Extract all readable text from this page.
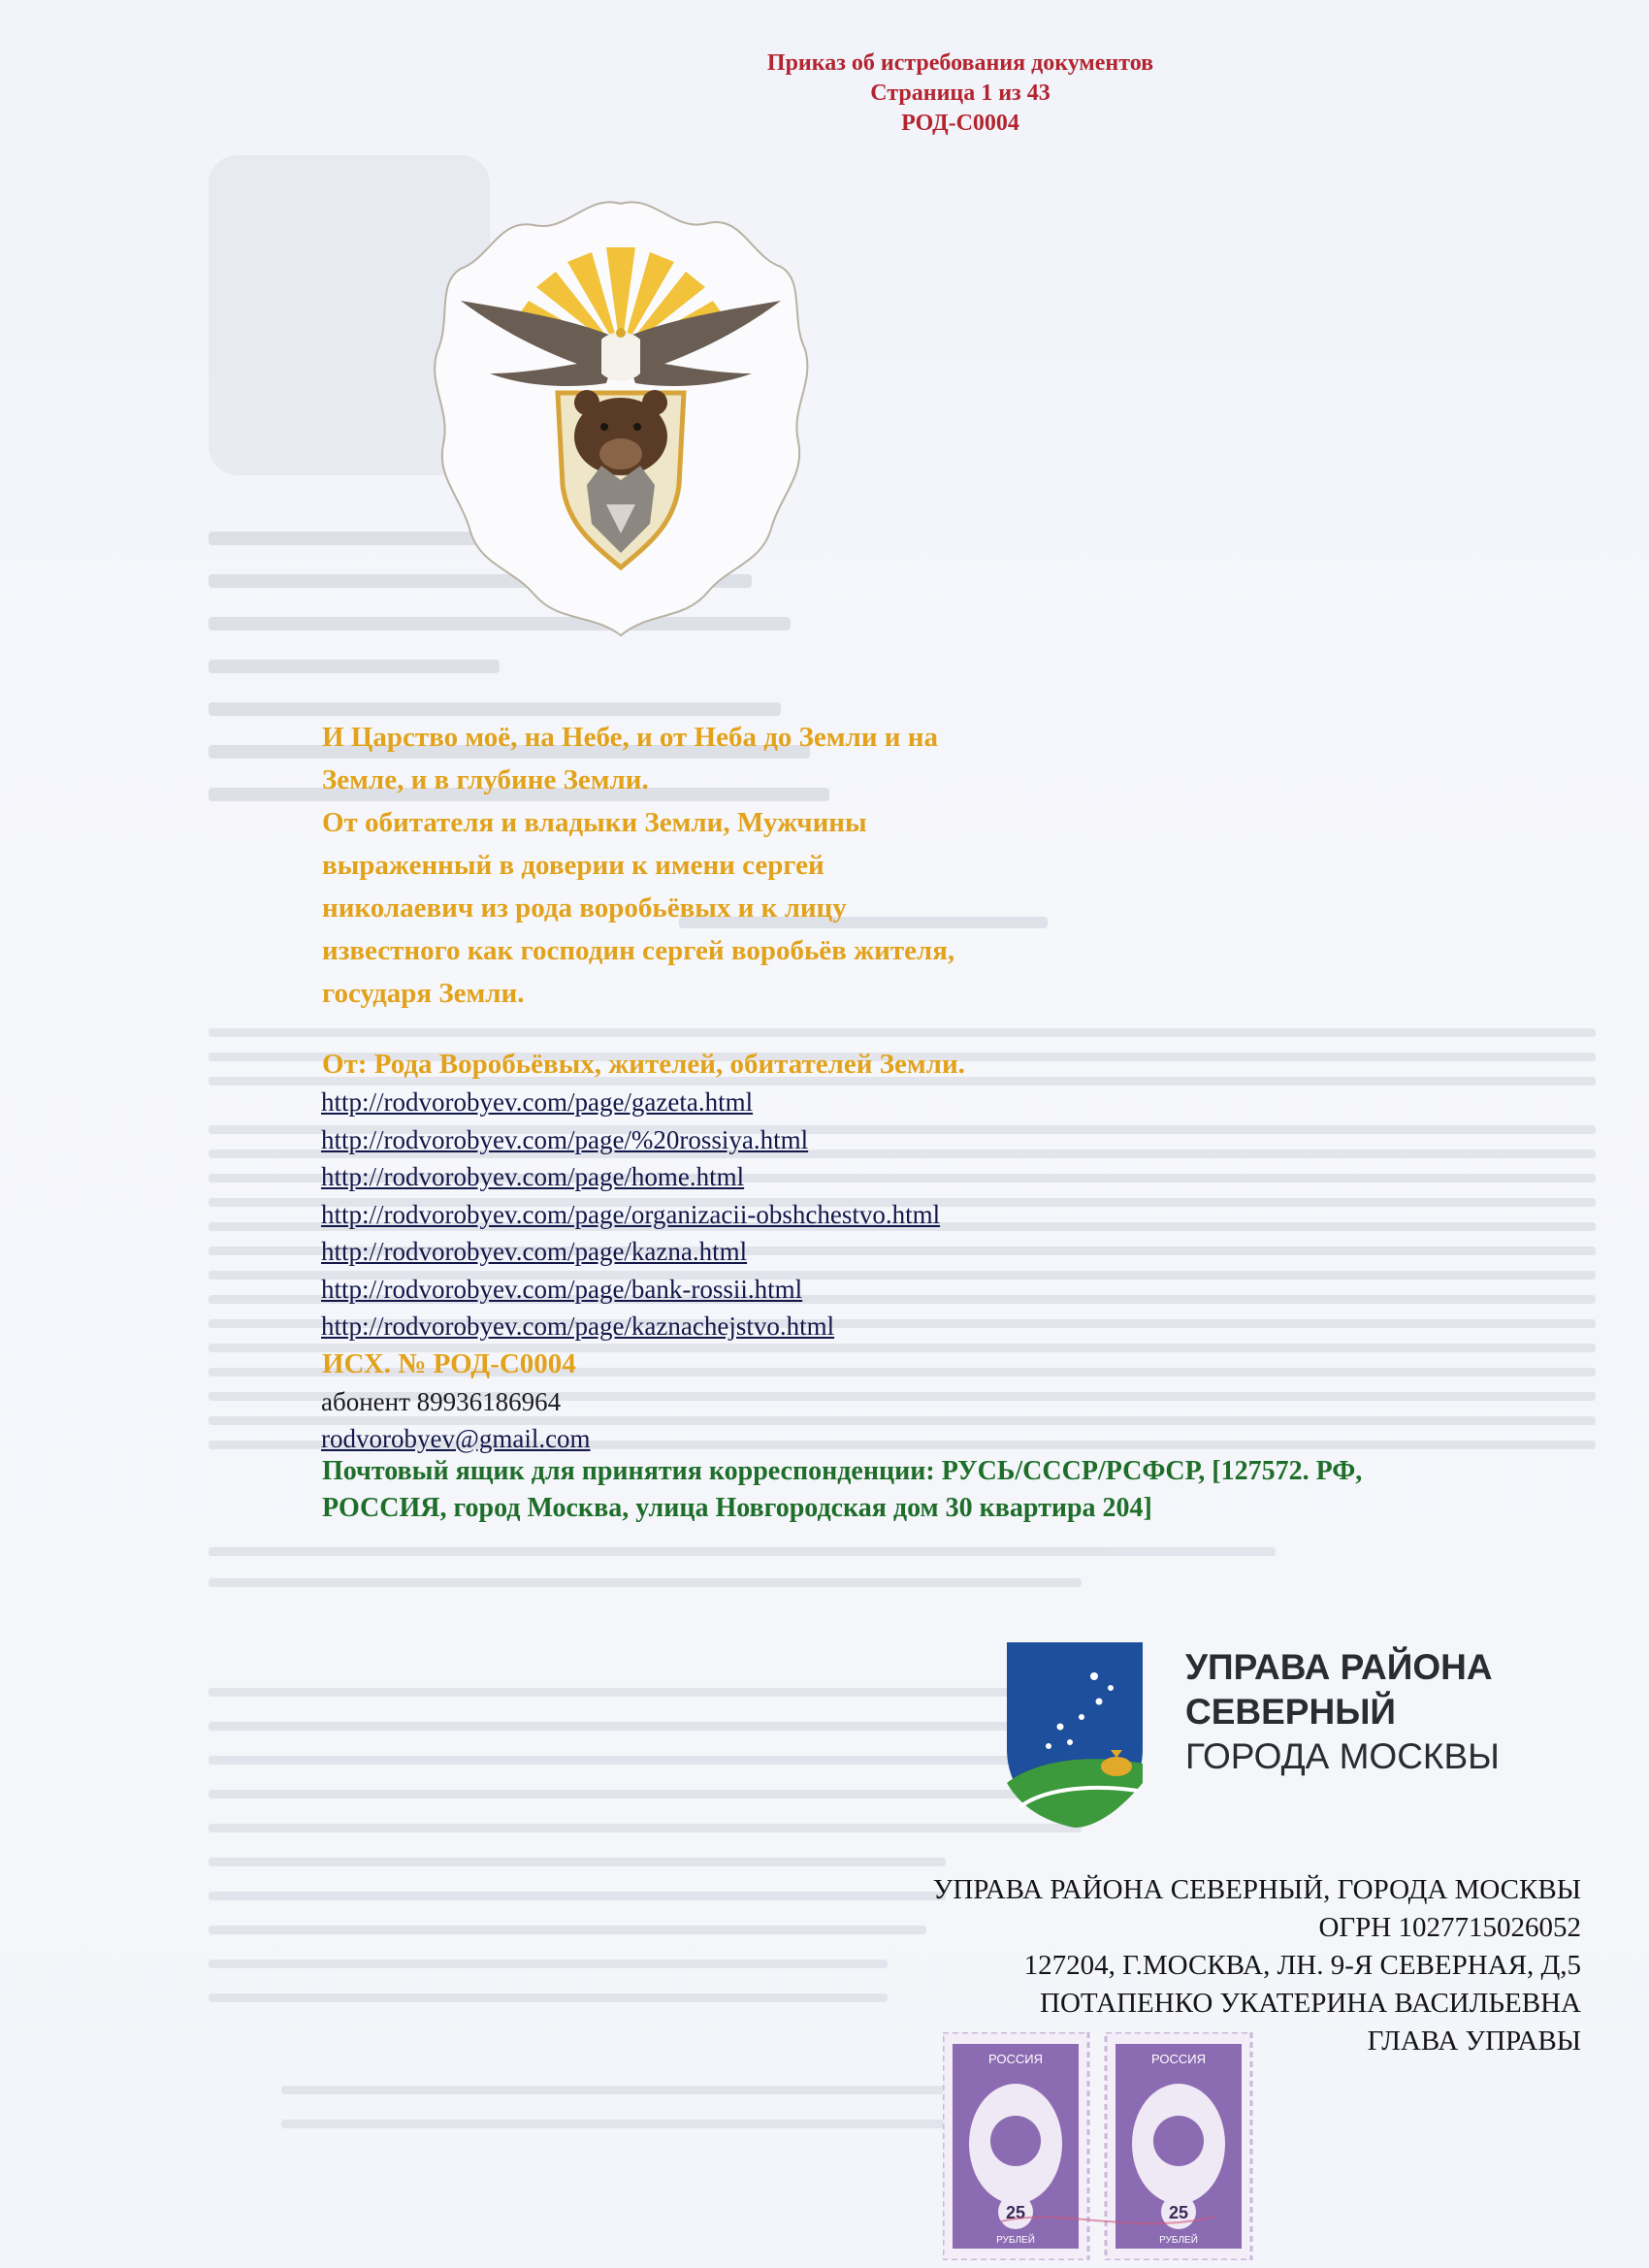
Приказ об истребования документов
Страница 1 из 43
РОД-С0004
И Царство моё, на Небе, и от Неба до Земли и на
Земле, и в глубине Земли.
От обитателя и владыки Земли, Мужчины
выраженный в доверии к имени сергей
николаевич из рода воробьёвых и к лицу
известного как господин сергей воробьёв жителя,
государя Земли.
От: Рода Воробьёвых, жителей, обитателей Земли.
http://rodvorobyev.com/page/gazeta.html
http://rodvorobyev.com/page/%20rossiya.html
http://rodvorobyev.com/page/home.html
http://rodvorobyev.com/page/organizacii-obshchestvo.html
http://rodvorobyev.com/page/kazna.html
http://rodvorobyev.com/page/bank-rossii.html
http://rodvorobyev.com/page/kaznachejstvo.html
ИСХ. № РОД-С0004
абонент 89936186964
rodvorobyev@gmail.com
Почтовый ящик для принятия корреспонденции: РУСЬ/СССР/РСФСР, [127572. РФ,
РОССИЯ, город Москва, улица Новгородская дом 30 квартира 204]
УПРАВА РАЙОНА
СЕВЕРНЫЙ
ГОРОДА МОСКВЫ
УПРАВА РАЙОНА СЕВЕРНЫЙ, ГОРОДА МОСКВЫ
ОГРН 1027715026052
127204, Г.МОСКВА, ЛН. 9-Я СЕВЕРНАЯ, Д,5
ПОТАПЕНКО УКАТЕРИНА ВАСИЛЬЕВНА
ГЛАВА УПРАВЫ
РОССИЯ
25
РУБЛЕЙ
РОССИЯ
25
РУБЛЕЙ
